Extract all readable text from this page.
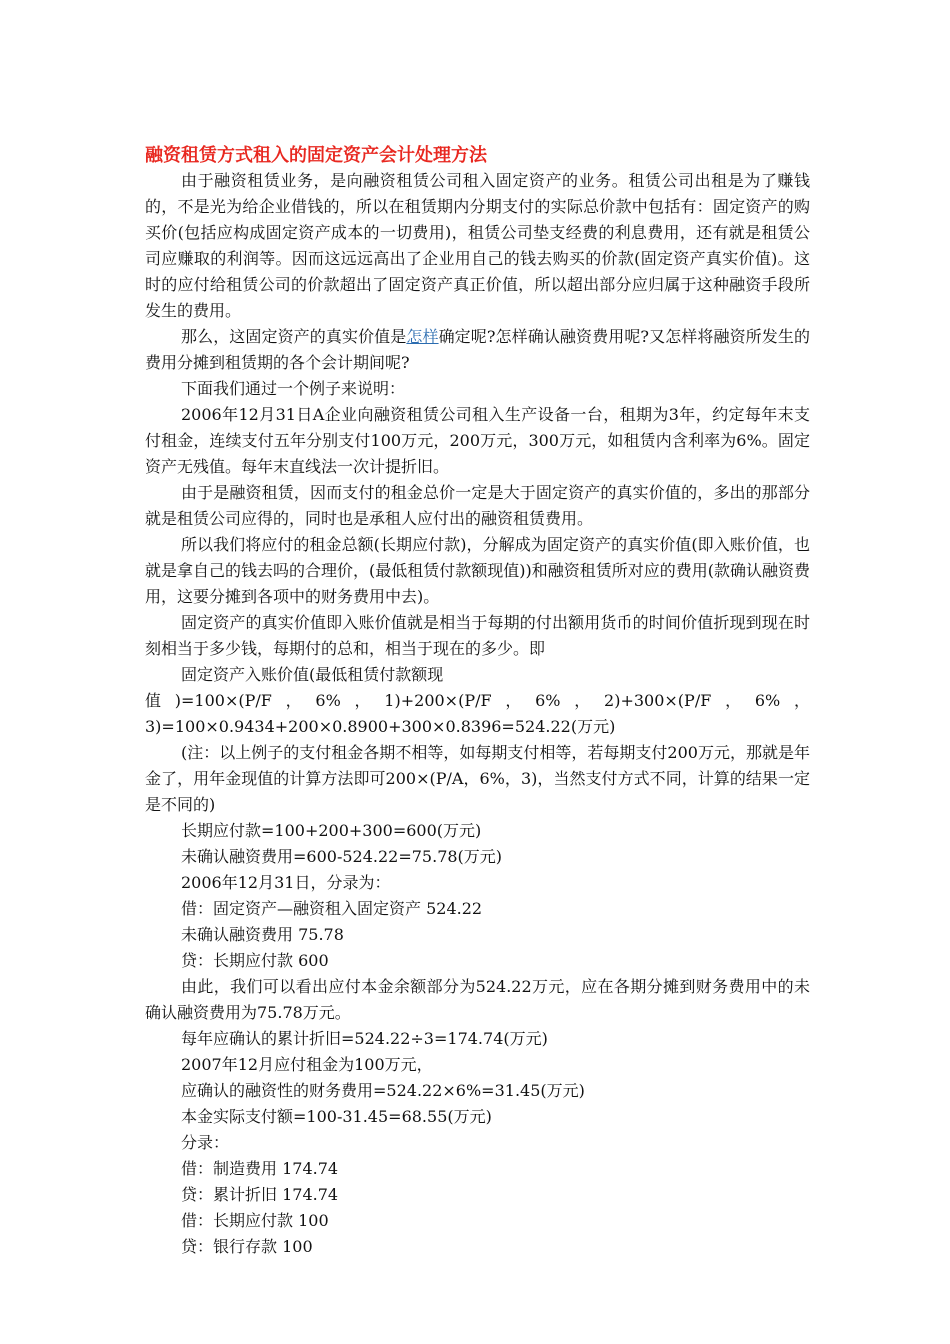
融资租赁方式租入的固定资产会计处理方法

由于融资租赁业务，是向融资租赁公司租入固定资产的业务。租赁公司出租是为了赚钱的，不是光为给企业借钱的，所以在租赁期内分期支付的实际总价款中包括有：固定资产的购买价(包括应构成固定资产成本的一切费用)，租赁公司垫支经费的利息费用，还有就是租赁公司应赚取的利润等。因而这远远高出了企业用自己的钱去购买的价款(固定资产真实价值)。这时的应付给租赁公司的价款超出了固定资产真正价值，所以超出部分应归属于这种融资手段所发生的费用。

那么，这固定资产的真实价值是怎样确定呢?怎样确认融资费用呢?又怎样将融资所发生的费用分摊到租赁期的各个会计期间呢?

下面我们通过一个例子来说明：

2006年12月31日A企业向融资租赁公司租入生产设备一台，租期为3年，约定每年末支付租金，连续支付五年分别支付100万元，200万元，300万元，如租赁内含利率为6%。固定资产无残值。每年末直线法一次计提折旧。

由于是融资租赁，因而支付的租金总价一定是大于固定资产的真实价值的，多出的那部分就是租赁公司应得的，同时也是承租人应付出的融资租赁费用。

所以我们将应付的租金总额(长期应付款)，分解成为固定资产的真实价值(即入账价值，也就是拿自己的钱去吗的合理价，(最低租赁付款额现值))和融资租赁所对应的费用(款确认融资费用，这要分摊到各项中的财务费用中去)。

固定资产的真实价值即入账价值就是相当于每期的付出额用货币的时间价值折现到现在时刻相当于多少钱，每期付的总和，相当于现在的多少。即

固定资产入账价值(最低租赁付款额现
值)=100×(P/F，6%，1)+200×(P/F，6%，2)+300×(P/F，6%，3)=100×0.9434+200×0.8900+300×0.8396=524.22(万元)

(注：以上例子的支付租金各期不相等，如每期支付相等，若每期支付200万元，那就是年金了，用年金现值的计算方法即可200×(P/A，6%，3)，当然支付方式不同，计算的结果一定是不同的)

长期应付款=100+200+300=600(万元)

未确认融资费用=600-524.22=75.78(万元)

2006年12月31日，分录为：

借：固定资产—融资租入固定资产 524.22

未确认融资费用 75.78

贷：长期应付款 600

由此，我们可以看出应付本金余额部分为524.22万元，应在各期分摊到财务费用中的未确认融资费用为75.78万元。

每年应确认的累计折旧=524.22÷3=174.74(万元)

2007年12月应付租金为100万元，

应确认的融资性的财务费用=524.22×6%=31.45(万元)

本金实际支付额=100-31.45=68.55(万元)

分录：

借：制造费用 174.74

贷：累计折旧 174.74

借：长期应付款 100

贷：银行存款 100
